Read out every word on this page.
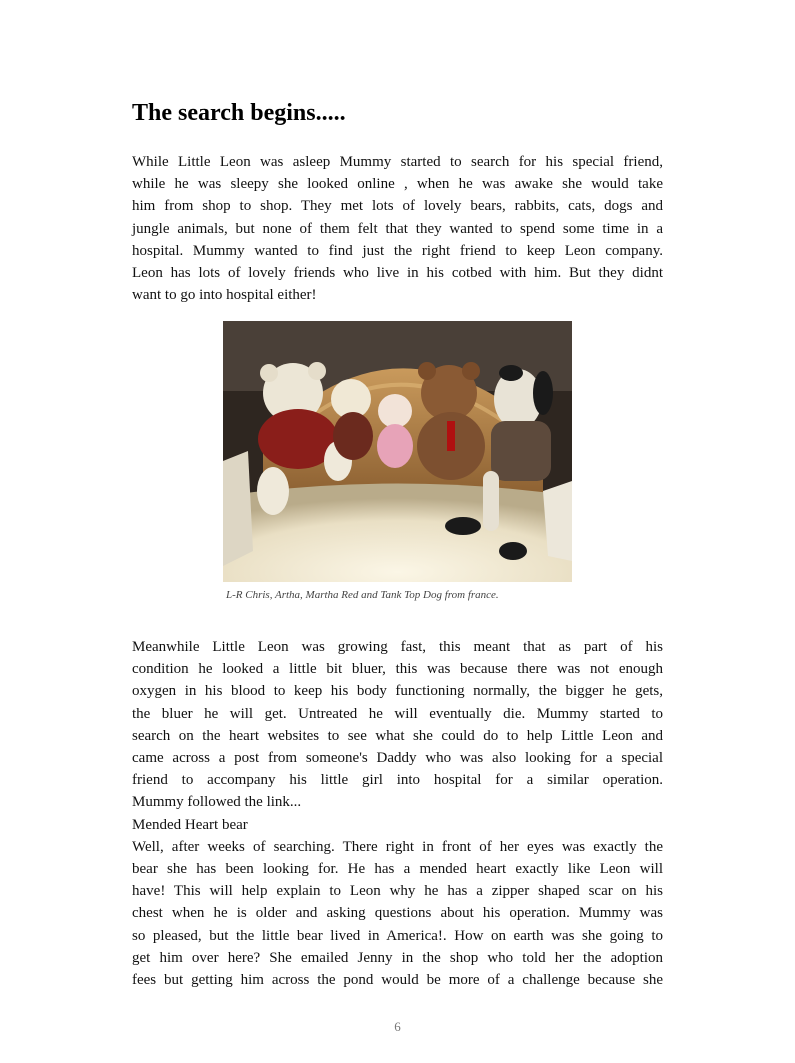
The search begins.....
While Little Leon was asleep Mummy started to search for his special friend,
while he was sleepy she looked online , when he was awake she would take
him from shop to shop. They met lots of lovely bears, rabbits, cats, dogs and
jungle animals, but none of them felt that they wanted to spend some time in a
hospital. Mummy wanted to find just the right friend to keep Leon company.
Leon has lots of lovely friends who live in his cotbed with him. But they didnt
want to go into hospital either!

L-R Chris, Artha, Martha Red and Tank Top Dog from france.

Meanwhile Little Leon was growing fast, this meant that as part of his
condition he looked a little bit bluer, this was because there was not enough
oxygen in his blood to keep his body functioning normally, the bigger he gets,
the bluer he will get. Untreated he will eventually die. Mummy started to
search on the heart websites to see what she could do to help Little Leon and
came across a post from someone's Daddy who was also looking for a special
friend to accompany his little girl into hospital for a similar operation.
Mummy followed the link...
Mended Heart bear
Well, after weeks of searching. There right in front of her eyes was exactly the
bear she has been looking for. He has a mended heart exactly like Leon will
have! This will help explain to Leon why he has a zipper shaped scar on his
chest when he is older and asking questions about his operation. Mummy was
so pleased, but the little bear lived in America!. How on earth was she going to
get him over here? She emailed Jenny in the shop who told her the adoption
fees but getting him across the pond would be more of a challenge because she

6
